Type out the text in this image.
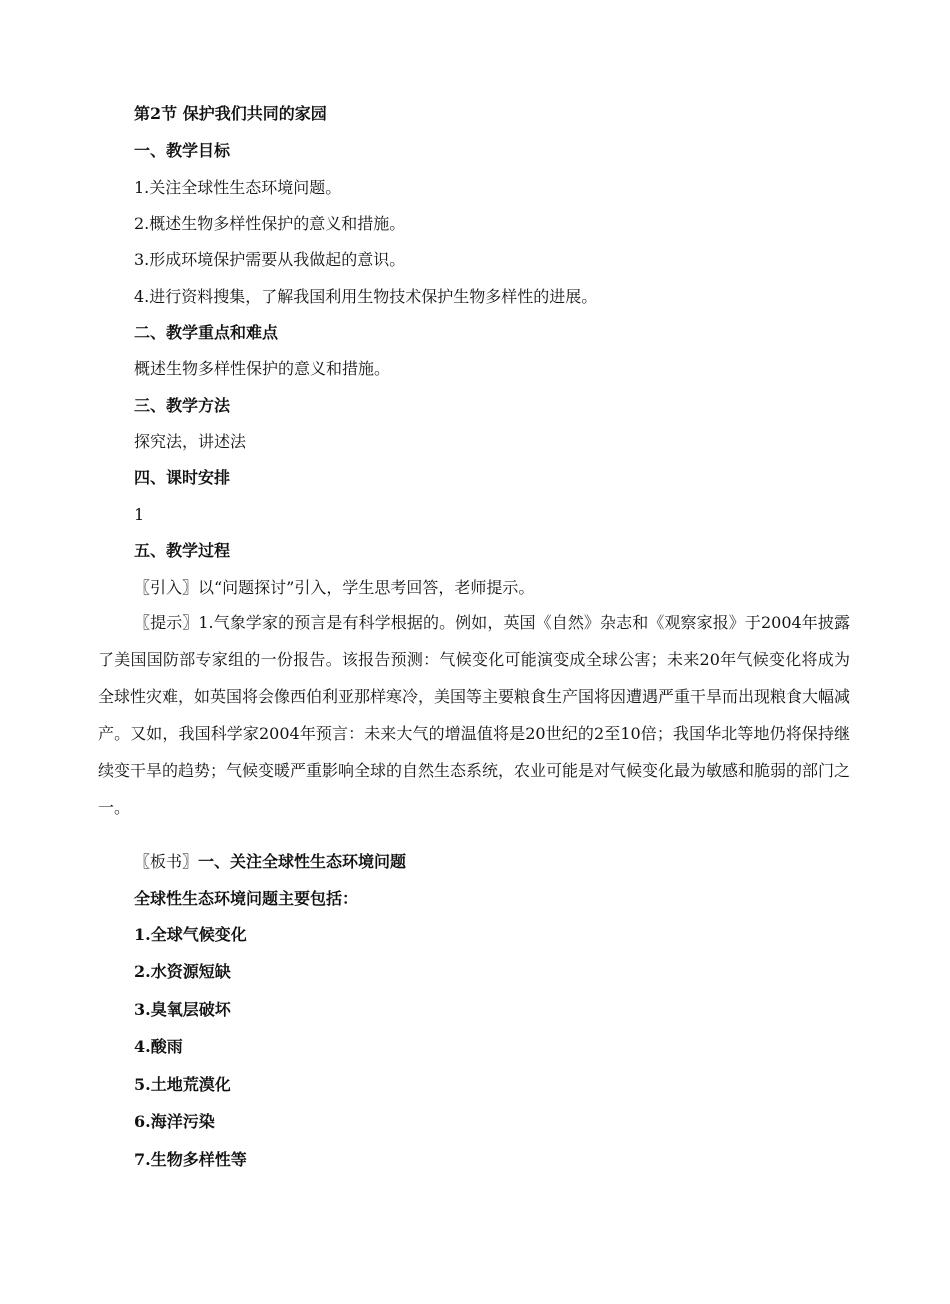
第2节 保护我们共同的家园
一、教学目标
1.关注全球性生态环境问题。
2.概述生物多样性保护的意义和措施。
3.形成环境保护需要从我做起的意识。
4.进行资料搜集，了解我国利用生物技术保护生物多样性的进展。
二、教学重点和难点
概述生物多样性保护的意义和措施。
三、教学方法
探究法，讲述法
四、课时安排
1
五、教学过程
〖引入〗以“问题探讨”引入，学生思考回答，老师提示。
〖提示〗1.气象学家的预言是有科学根据的。例如，英国《自然》杂志和《观察家报》于2004年披露了美国国防部专家组的一份报告。该报告预测：气候变化可能演变成全球公害；未来20年气候变化将成为全球性灾难，如英国将会像西伯利亚那样寒冷，美国等主要粮食生产国将因遭遇严重干旱而出现粮食大幅减产。又如，我国科学家2004年预言：未来大气的增温值将是20世纪的2至10倍；我国华北等地仍将保持继续变干旱的趋势；气候变暖严重影响全球的自然生态系统，农业可能是对气候变化最为敏感和脆弱的部门之一。
〖板书〗一、关注全球性生态环境问题
全球性生态环境问题主要包括：
1.全球气候变化
2.水资源短缺
3.臭氧层破坏
4.酸雨
5.土地荒漠化
6.海洋污染
7.生物多样性等
